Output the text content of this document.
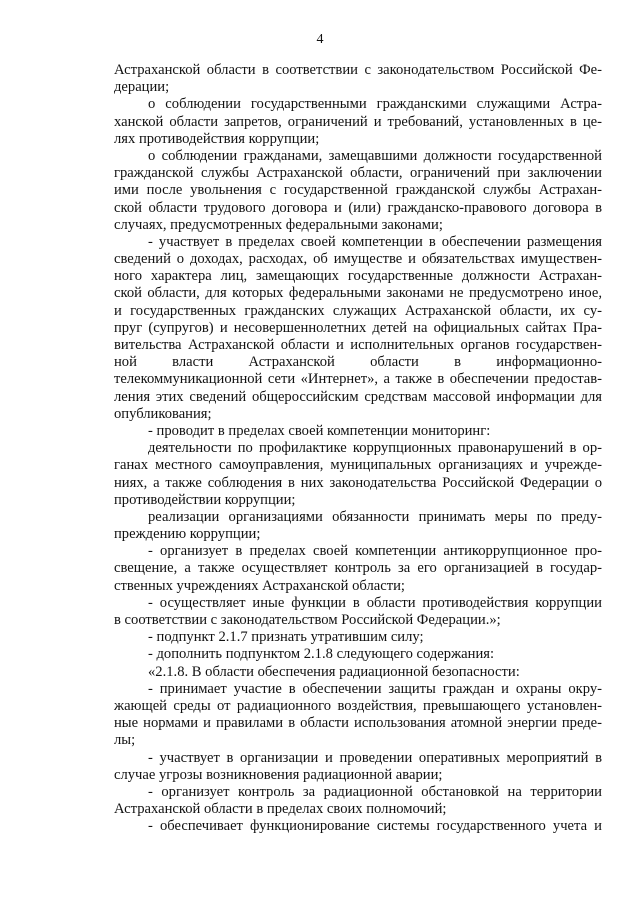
4
Астраханской области в соответствии с законодательством Российской Фе-
дерации;
о соблюдении государственными гражданскими служащими Астра-
ханской области запретов, ограничений и требований, установленных в це-
лях противодействия коррупции;
о соблюдении гражданами, замещавшими должности государственной
гражданской службы Астраханской области, ограничений при заключении
ими после увольнения с государственной гражданской службы Астрахан-
ской области трудового договора и (или) гражданско-правового договора в
случаях, предусмотренных федеральными законами;
- участвует в пределах своей компетенции в обеспечении размещения
сведений о доходах, расходах, об имуществе и обязательствах имуществен-
ного характера лиц, замещающих государственные должности Астрахан-
ской области, для которых федеральными законами не предусмотрено иное,
и государственных гражданских служащих Астраханской области, их су-
пруг (супругов) и несовершеннолетних детей на официальных сайтах Пра-
вительства Астраханской области и исполнительных органов государствен-
ной власти Астраханской области в информационно-
телекоммуникационной сети «Интернет», а также в обеспечении предостав-
ления этих сведений общероссийским средствам массовой информации для
опубликования;
- проводит в пределах своей компетенции мониторинг:
деятельности по профилактике коррупционных правонарушений в ор-
ганах местного самоуправления, муниципальных организациях и учрежде-
ниях, а также соблюдения в них законодательства Российской Федерации о
противодействии коррупции;
реализации организациями обязанности принимать меры по преду-
преждению коррупции;
- организует в пределах своей компетенции антикоррупционное про-
свещение, а также осуществляет контроль за его организацией в государ-
ственных учреждениях Астраханской области;
- осуществляет иные функции в области противодействия коррупции
в соответствии с законодательством Российской Федерации.»;
- подпункт 2.1.7 признать утратившим силу;
- дополнить подпунктом 2.1.8 следующего содержания:
«2.1.8. В области обеспечения радиационной безопасности:
- принимает участие в обеспечении защиты граждан и охраны окру-
жающей среды от радиационного воздействия, превышающего установлен-
ные нормами и правилами в области использования атомной энергии преде-
лы;
- участвует в организации и проведении оперативных мероприятий в
случае угрозы возникновения радиационной аварии;
- организует контроль за радиационной обстановкой на территории
Астраханской области в пределах своих полномочий;
- обеспечивает функционирование системы государственного учета и
